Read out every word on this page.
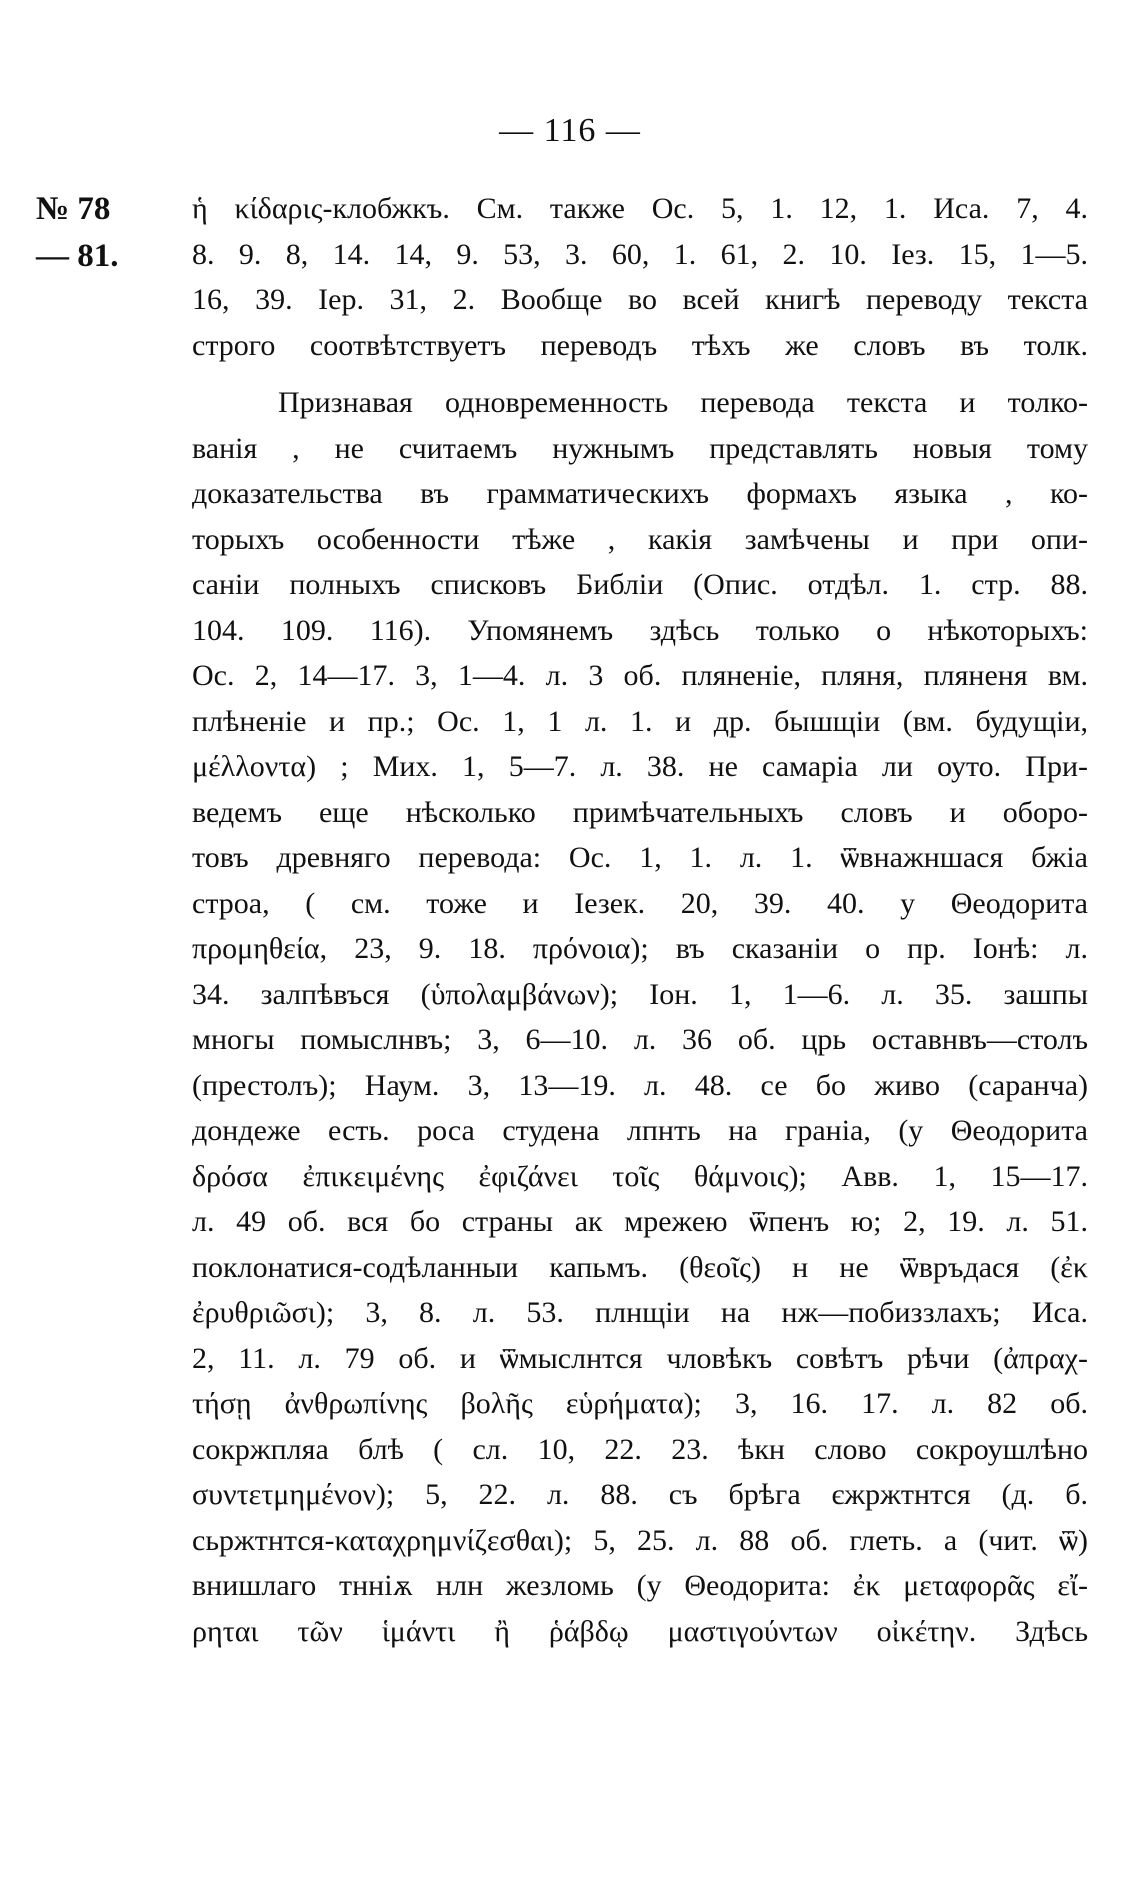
— 116 —
№ 78
— 81.

ἡ κίδαρις-клобжкъ. См. также Ос. 5, 1. 12, 1. Иса. 7, 4.
8. 9. 8, 14. 14, 9. 53, 3. 60, 1. 61, 2. 10. Iез. 15, 1—5.
16, 39. Iер. 31, 2. Вообще во всей книгѣ переводу текста
строго соотвѣтствуетъ переводъ тѣхъ же словъ въ толк.

Признавая одновременность перевода текста и толко-
ванія , не считаемъ нужнымъ представлять новыя тому
доказательства въ грамматическихъ формахъ языка , ко-
торыхъ особенности тѣже , какія замѣчены и при опи-
саніи полныхъ списковъ Библіи (Опис. отдѣл. 1. стр. 88.
104. 109. 116). Упомянемъ здѣсь только о нѣкоторыхъ:
Ос. 2, 14—17. 3, 1—4. л. 3 об. пляненіе, пляня, пляненя вм.
плѣненіе и пр.; Ос. 1, 1 л. 1. и др. бышщіи (вм. будущіи,
μέλλοντα) ; Мих. 1, 5—7. л. 38. не самаріа ли оуто. При-
ведемъ еще нѣсколько примѣчательныхъ словъ и оборо-
товъ древняго перевода: Ос. 1, 1. л. 1. ѿвнажншася бжіа
строа, ( см. тоже и Iезек. 20, 39. 40. у Θеодорита
προμηθεία, 23, 9. 18. πρόνοια); въ сказаніи о пр. Iонѣ: л.
34. залпѣвъся (ὑπολαμβάνων); Iон. 1, 1—6. л. 35. зашпы
многы помыслнвъ; 3, 6—10. л. 36 об. црь оставнвъ—столъ
(престолъ); Наум. 3, 13—19. л. 48. се бо живо (саранча)
дондеже есть. роса студена лпнть на граніа, (у Θеодорита
δρόσα ἐπικειμένης ἐφιζάνει τοῖς θάμνοις); Авв. 1, 15—17.
л. 49 об. вся бо страны ак мрежею ѿпенъ ю; 2, 19. л. 51.
поклонатися-содѣланныи капьмъ. (θεοῖς) н не ѿвръдася (ἐκ
ἐρυθριῶσι); 3, 8. л. 53. плнщіи на нж—побиззлахъ; Иса.
2, 11. л. 79 об. и ѿмыслнтся чловѣкъ совѣтъ рѣчи (ἀπραχ-
τήσῃ ἀνθρωπίνης βολῆς εὑρήματα); 3, 16. 17. л. 82 об.
сокржпляа блѣ ( сл. 10, 22. 23. ѣкн слово сокроушлѣно
συντετμημένον); 5, 22. л. 88. съ брѣга єжржтнтся (д. б.
сьржтнтся-καταχρημνίζεσθαι); 5, 25. л. 88 об. глеть. а (чит. ѿ)
внишлаго тнніѫ нлн жезломь (у Θеодорита: ἐκ μεταφορᾶς εἴ-
ρηται τῶν ἱμάντι ἢ ῥάβδῳ μαστιγούντων οἰκέτην. Здѣсь
